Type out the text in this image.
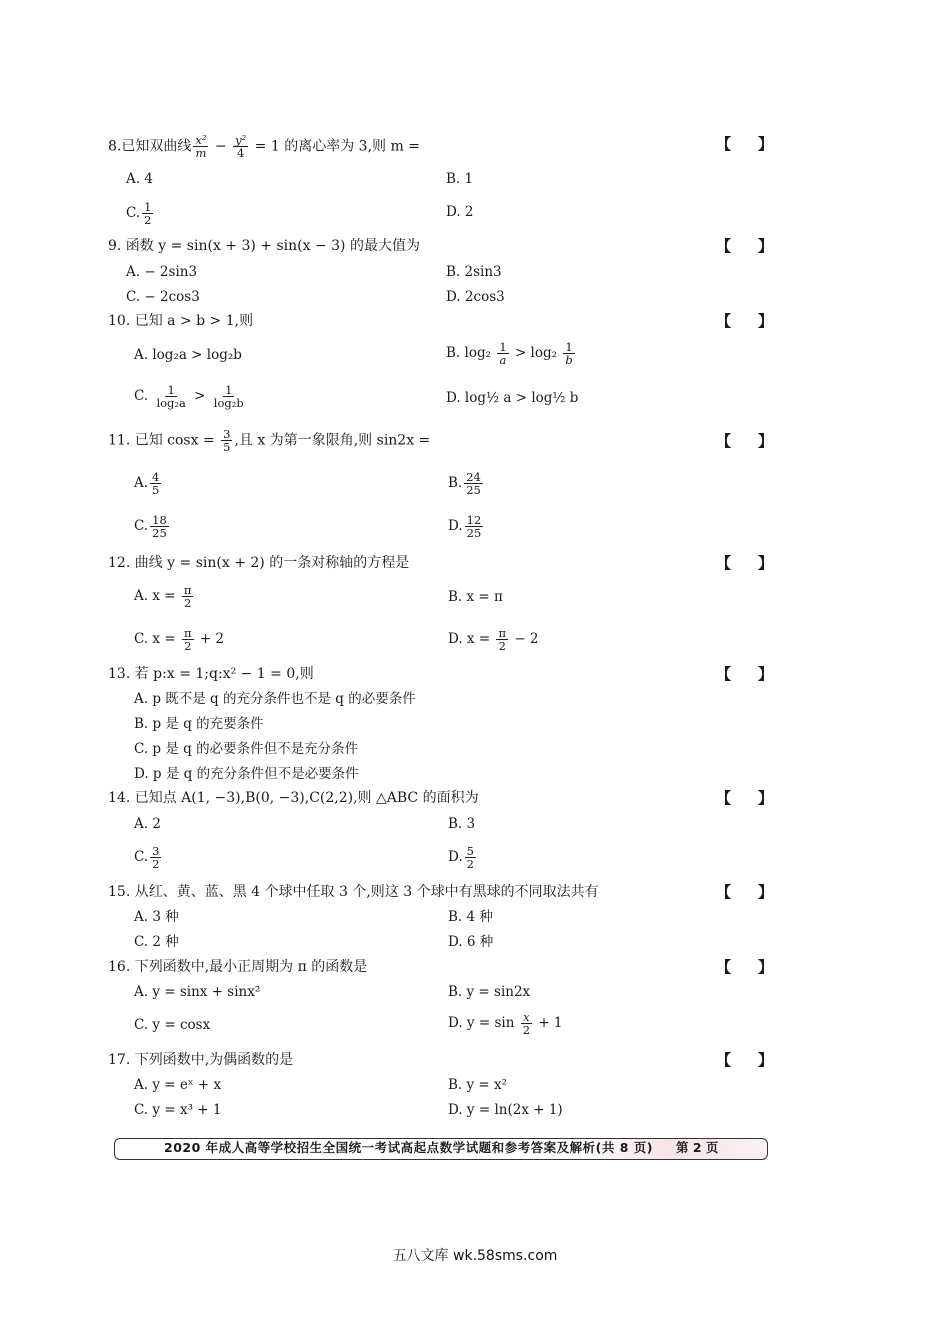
8.已知双曲线 $\frac{\text{x²}}{m} - \frac{\text{y²}}{4} = 1$ 的离心率为 3,则 m =	【 】
A. 4	B. 1
C. $\frac{1}{2}$	D. 2
9. 函数 y = sin(x + 3) + sin(x − 3) 的最大值为	【 】
A. − 2sin3	B. 2sin3
C. − 2cos3	D. 2cos3
10. 已知 a > b > 1,则	【 】
A. log₂a > log₂b	B. $\log_2 \frac{1}{a} > \log_2 \frac{1}{b}$
C. $\frac{1}{\text{log₂a}} > \frac{1}{\text{log₂b}}$	D. log½ a > log½ b
11. 已知 $\cos x = \frac{3}{5}$ ,且 x 为第一象限角,则 sin2x =	【 】
A. $\frac{4}{5}$	B. $\frac{24}{25}$
C. $\frac{18}{25}$	D. $\frac{12}{25}$
12. 曲线 y = sin(x + 2) 的一条对称轴的方程是	【 】
A. $x = \frac{\pi}{2}$	B. x = π
C. $x = \frac{\pi}{2} + 2$	D. $x = \frac{\pi}{2} - 2$
13. 若 p:x = 1;q:x² − 1 = 0,则	【 】
A. p 既不是 q 的充分条件也不是 q 的必要条件
B. p 是 q 的充要条件
C. p 是 q 的必要条件但不是充分条件
D. p 是 q 的充分条件但不是必要条件
14. 已知点 A(1, −3),B(0, −3),C(2,2),则 △ABC 的面积为	【 】
A. 2	B. 3
C. $\frac{3}{2}$	D. $\frac{5}{2}$
15. 从红、黄、蓝、黑 4 个球中任取 3 个,则这 3 个球中有黑球的不同取法共有	【 】
A. 3 种	B. 4 种
C. 2 种	D. 6 种
16. 下列函数中,最小正周期为 π 的函数是	【 】
A. y = sinx + sinx²	B. y = sin2x
C. y = cosx	D. $y = \sin \frac{x}{2} + 1$
17. 下列函数中,为偶函数的是	【 】
A. y = eˣ + x	B. y = x²
C. y = x³ + 1	D. y = ln(2x + 1)
2020 年成人高等学校招生全国统一考试高起点数学试题和参考答案及解析(共 8 页) 第 2 页
五八文库 wk.58sms.com
